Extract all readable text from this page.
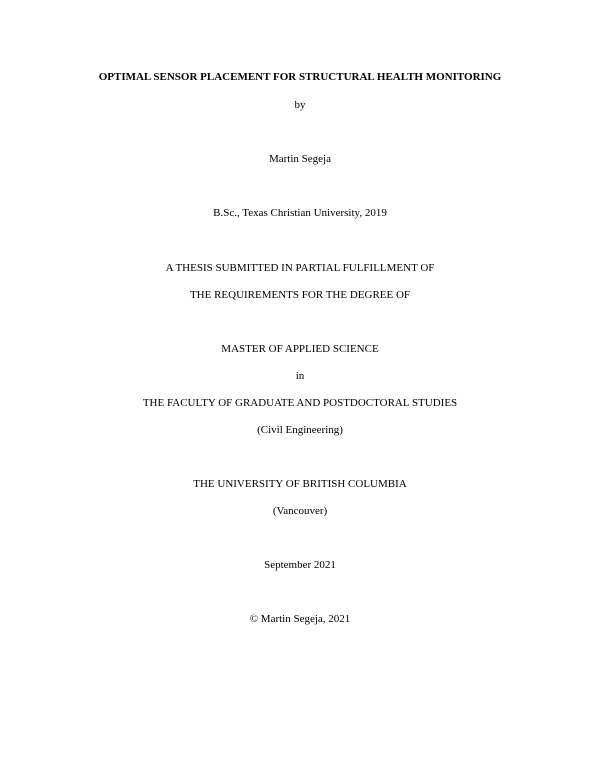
OPTIMAL SENSOR PLACEMENT FOR STRUCTURAL HEALTH MONITORING
by
Martin Segeja
B.Sc., Texas Christian University, 2019
A THESIS SUBMITTED IN PARTIAL FULFILLMENT OF
THE REQUIREMENTS FOR THE DEGREE OF
MASTER OF APPLIED SCIENCE
in
THE FACULTY OF GRADUATE AND POSTDOCTORAL STUDIES
(Civil Engineering)
THE UNIVERSITY OF BRITISH COLUMBIA
(Vancouver)
September 2021
© Martin Segeja, 2021
